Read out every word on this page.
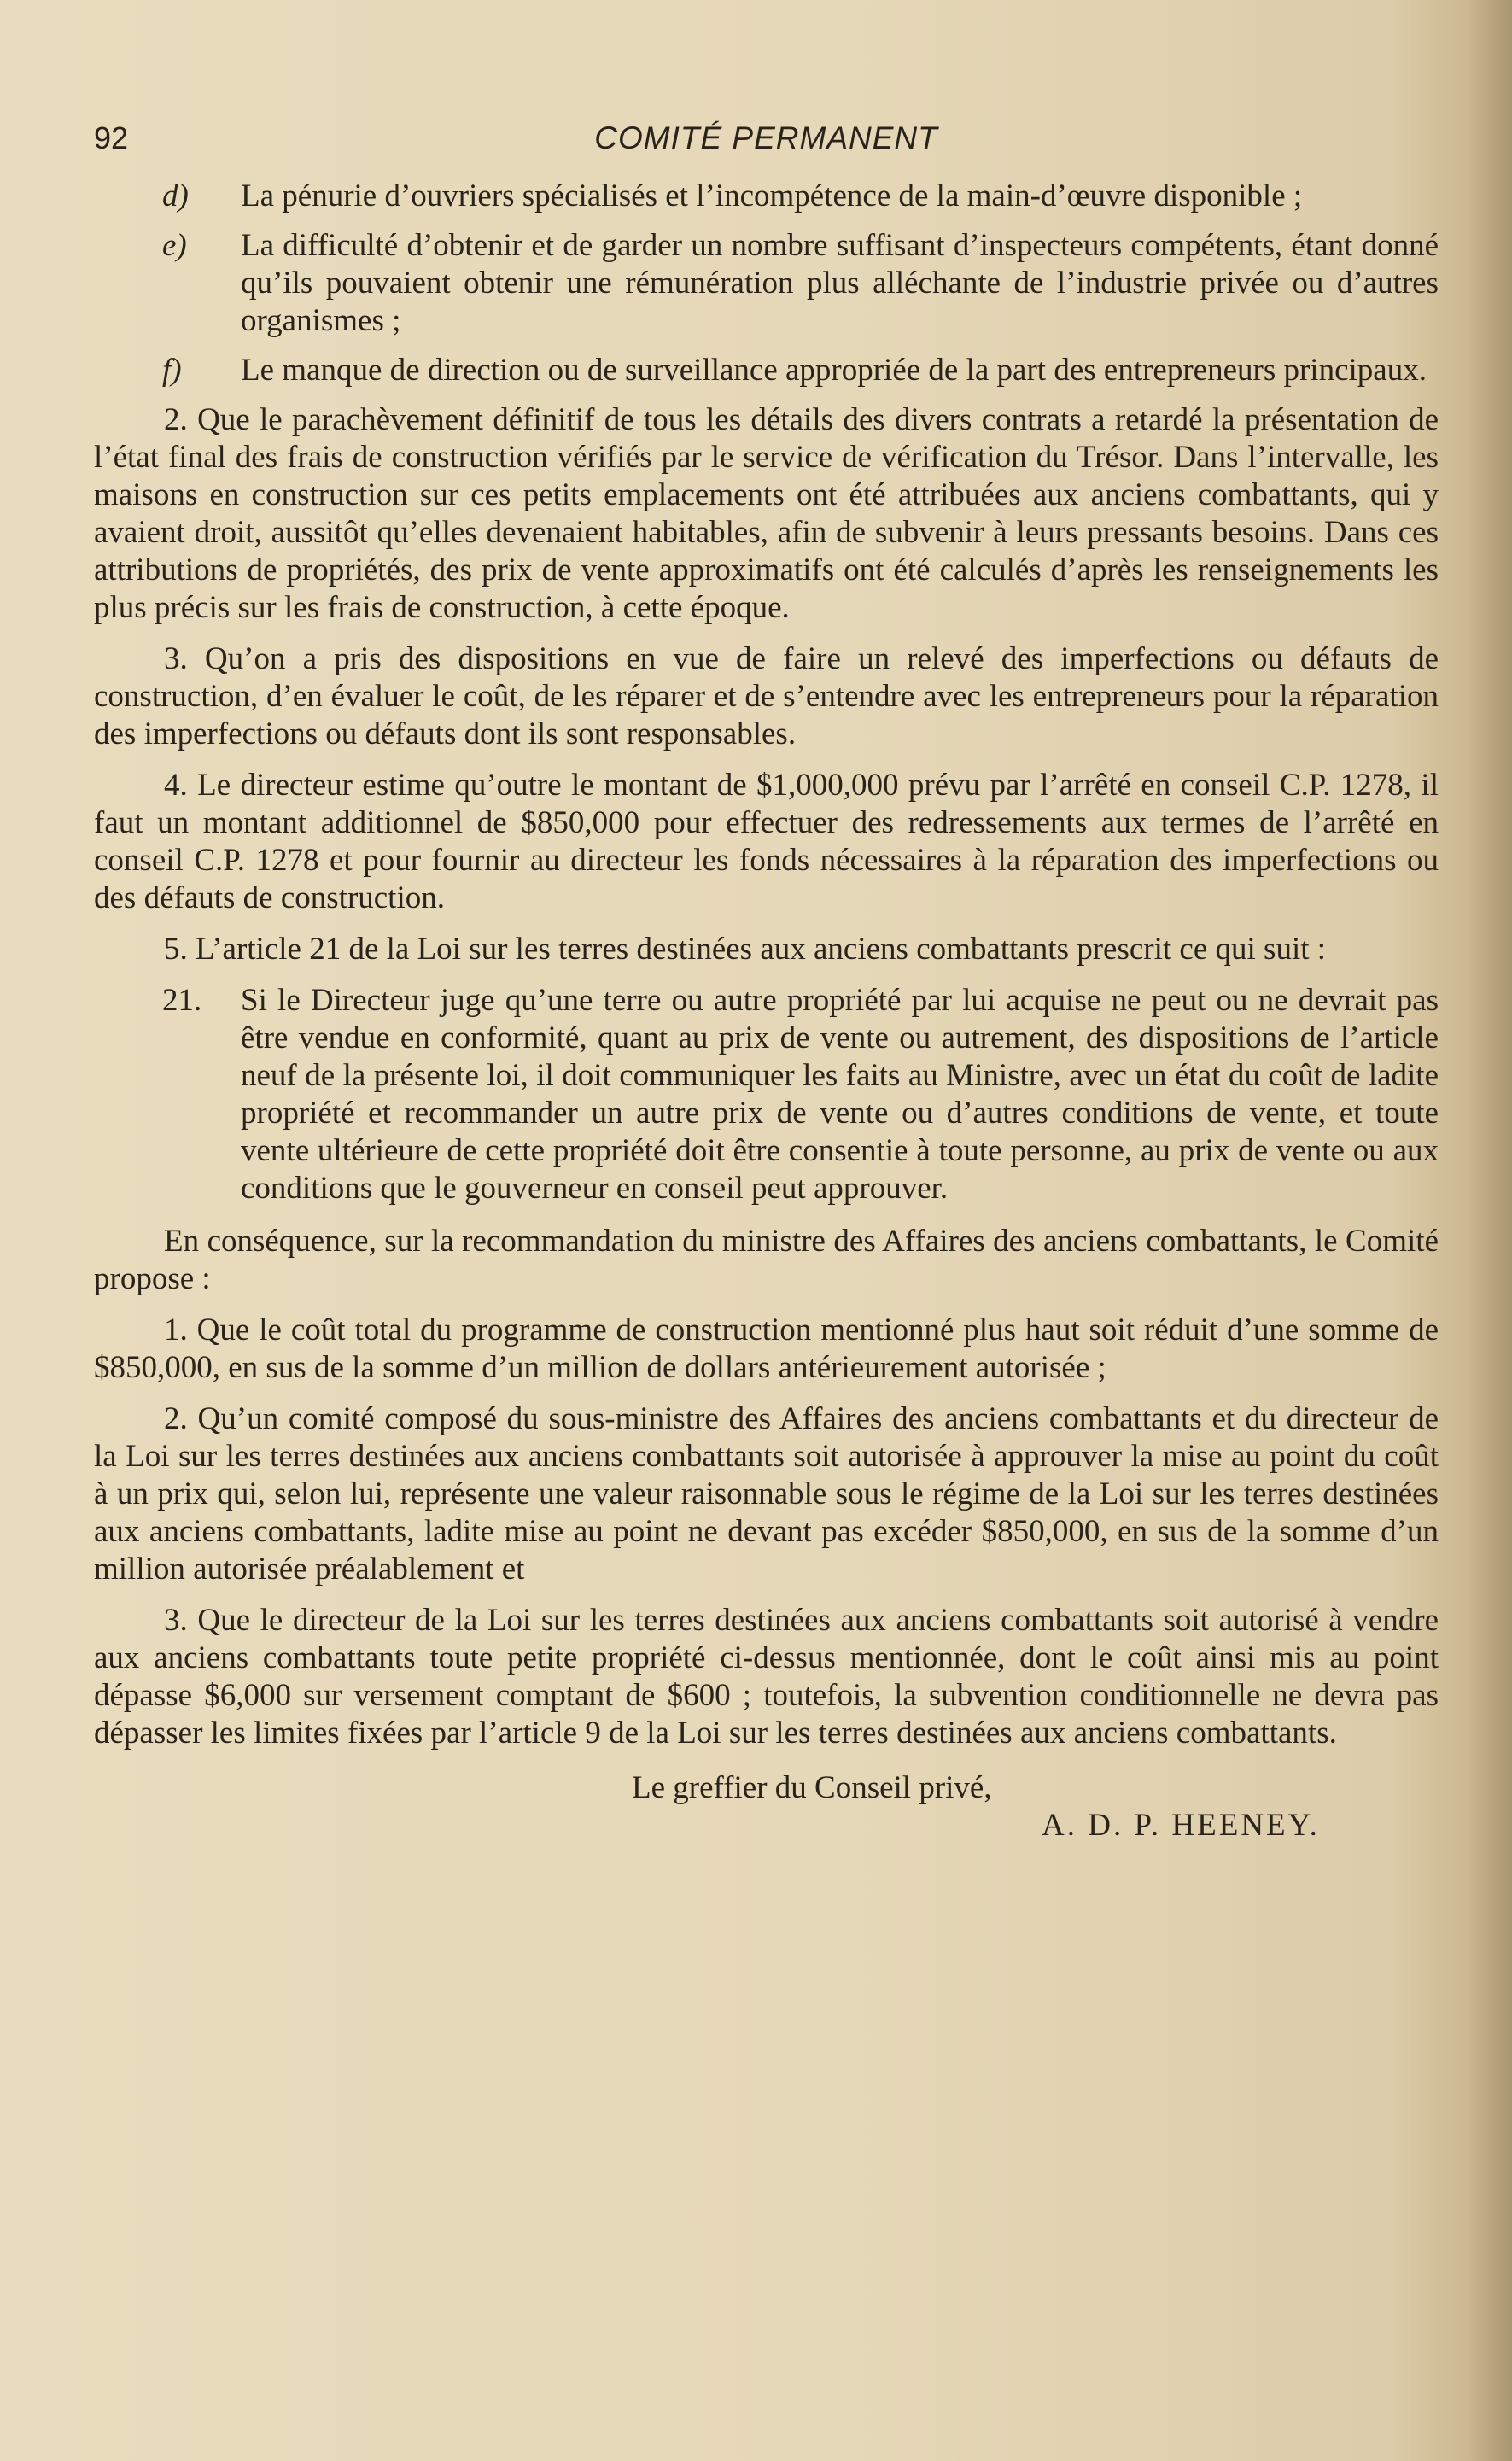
92	COMITÉ PERMANENT
d)	La pénurie d’ouvriers spécialisés et l’incompétence de la main-d’œuvre disponible ;
e)	La difficulté d’obtenir et de garder un nombre suffisant d’inspecteurs compétents, étant donné qu’ils pouvaient obtenir une rémunération plus alléchante de l’industrie privée ou d’autres organismes ;
f)	Le manque de direction ou de surveillance appropriée de la part des entrepreneurs principaux.

2. Que le parachèvement définitif de tous les détails des divers contrats a retardé la présentation de l’état final des frais de construction vérifiés par le service de vérification du Trésor. Dans l’intervalle, les maisons en construction sur ces petits emplacements ont été attribuées aux anciens combattants, qui y avaient droit, aussitôt qu’elles devenaient habitables, afin de subvenir à leurs pressants besoins. Dans ces attributions de propriétés, des prix de vente approximatifs ont été calculés d’après les renseignements les plus précis sur les frais de construction, à cette époque.

3. Qu’on a pris des dispositions en vue de faire un relevé des imperfections ou défauts de construction, d’en évaluer le coût, de les réparer et de s’entendre avec les entrepreneurs pour la réparation des imperfections ou défauts dont ils sont responsables.

4. Le directeur estime qu’outre le montant de $1,000,000 prévu par l’arrêté en conseil C.P. 1278, il faut un montant additionnel de $850,000 pour effectuer des redressements aux termes de l’arrêté en conseil C.P. 1278 et pour fournir au directeur les fonds nécessaires à la réparation des imperfections ou des défauts de construction.

5. L’article 21 de la Loi sur les terres destinées aux anciens combattants prescrit ce qui suit :

21.	Si le Directeur juge qu’une terre ou autre propriété par lui acquise ne peut ou ne devrait pas être vendue en conformité, quant au prix de vente ou autrement, des dispositions de l’article neuf de la présente loi, il doit communiquer les faits au Ministre, avec un état du coût de ladite propriété et recommander un autre prix de vente ou d’autres conditions de vente, et toute vente ultérieure de cette propriété doit être consentie à toute personne, au prix de vente ou aux conditions que le gouverneur en conseil peut approuver.

En conséquence, sur la recommandation du ministre des Affaires des anciens combattants, le Comité propose :

1. Que le coût total du programme de construction mentionné plus haut soit réduit d’une somme de $850,000, en sus de la somme d’un million de dollars antérieurement autorisée ;

2. Qu’un comité composé du sous-ministre des Affaires des anciens combattants et du directeur de la Loi sur les terres destinées aux anciens combattants soit autorisée à approuver la mise au point du coût à un prix qui, selon lui, représente une valeur raisonnable sous le régime de la Loi sur les terres destinées aux anciens combattants, ladite mise au point ne devant pas excéder $850,000, en sus de la somme d’un million autorisée préalablement et

3. Que le directeur de la Loi sur les terres destinées aux anciens combattants soit autorisé à vendre aux anciens combattants toute petite propriété ci-dessus mentionnée, dont le coût ainsi mis au point dépasse $6,000 sur versement comptant de $600 ; toutefois, la subvention conditionnelle ne devra pas dépasser les limites fixées par l’article 9 de la Loi sur les terres destinées aux anciens combattants.

Le greffier du Conseil privé,
A. D. P. HEENEY.
